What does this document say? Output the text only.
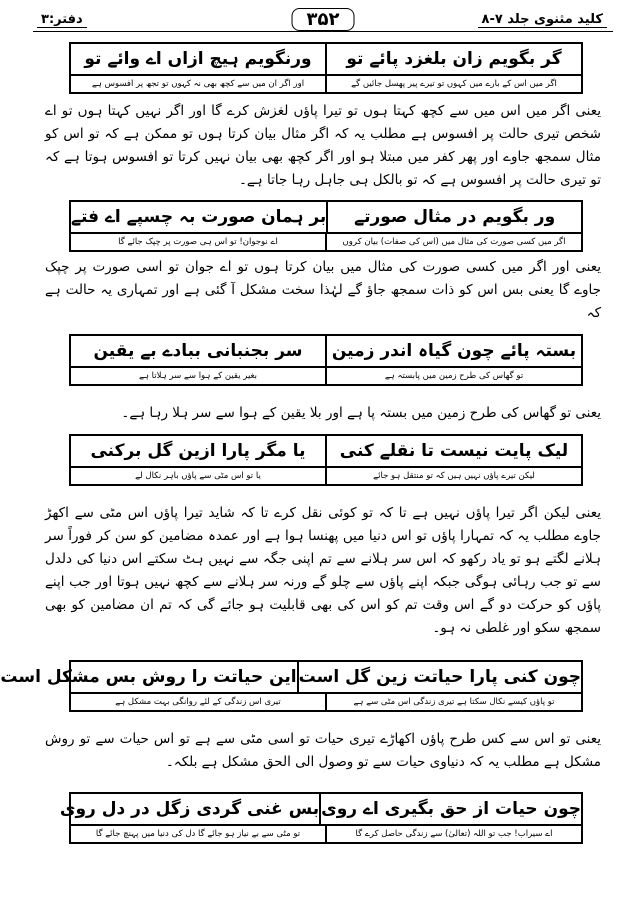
کلید مثنوی جلد ۷-۸
۳۵۲
دفتر:۳
گر بگویم زان بلغزد پائے تو
ورنگویم ہیچ ازاں اے وائے تو
اگر میں اس کے بارے میں کہوں تو تیرے پیر پھسل جائیں گے
اور اگر ان میں سے کچھ بھی نہ کہوں تو تجھ پر افسوس ہے

یعنی اگر میں اس میں سے کچھ کہتا ہوں تو تیرا پاؤں لغزش کرے گا اور اگر نہیں کہتا ہوں تو اے شخص تیری حالت پر افسوس ہے مطلب یہ کہ اگر مثال بیان کرتا ہوں تو ممکن ہے کہ تو اس کو مثال سمجھ جاوے اور پھر کفر میں مبتلا ہو اور اگر کچھ بھی بیان نہیں کرتا تو افسوس ہوتا ہے کہ تو تیری حالت پر افسوس ہے کہ تو بالکل ہی جاہل رہا جاتا ہے۔

ور بگویم در مثال صورتے
بر ہمان صورت بہ چسپے اے فتے
اگر میں کسی صورت کی مثال میں (اس کی صفات) بیان کروں
اے نوجوان! تو اس ہی صورت پر چپک جائے گا

یعنی اور اگر میں کسی صورت کی مثال میں بیان کرتا ہوں تو اے جوان تو اسی صورت پر چپک جاوے گا یعنی بس اس کو ذات سمجھ جاؤ گے لہٰذا سخت مشکل آ گئی ہے اور تمہاری یہ حالت ہے کہ

بستہ پائے چون گیاہ اندر زمین
سر بجنبانی ببادے بے یقین
تو گھاس کی طرح زمین میں پابستہ ہے
بغیر یقین کے ہوا سے سر ہلاتا ہے

یعنی تو گھاس کی طرح زمین میں بستہ پا ہے اور بلا یقین کے ہوا سے سر ہلا رہا ہے۔

لیک پایت نیست تا نقلے کنی
یا مگر پارا ازین گل برکنی
لیکن تیرے پاؤں نہیں ہیں کہ تو منتقل ہو جائے
یا تو اس مٹی سے پاؤں باہر نکال لے

یعنی لیکن اگر تیرا پاؤں نہیں ہے تا کہ تو کوئی نقل کرے تا کہ شاید تیرا پاؤں اس مٹی سے اکھڑ جاوے مطلب یہ کہ تمہارا پاؤں تو اس دنیا میں پھنسا ہوا ہے اور عمدہ مضامین کو سن کر فوراً سر ہلانے لگتے ہو تو یاد رکھو کہ اس سر ہلانے سے تم اپنی جگہ سے نہیں ہٹ سکتے اس دنیا کی دلدل سے تو جب رہائی ہوگی جبکہ اپنے پاؤں سے چلو گے ورنہ سر ہلانے سے کچھ نہیں ہوتا اور جب اپنے پاؤں کو حرکت دو گے اس وقت تم کو اس کی بھی قابلیت ہو جائے گی کہ تم ان مضامین کو بھی سمجھ سکو اور غلطی نہ ہو۔

چون کنی پارا حیاتت زین گل است
این حیاتت را روش بس مشکل است
تو پاؤں کیسے نکال سکتا ہے تیری زندگی اس مٹی سے ہے
تیری اس زندگی کے لئے روانگی بہت مشکل ہے

یعنی تو اس سے کس طرح پاؤں اکھاڑے تیری حیات تو اسی مٹی سے ہے تو اس حیات سے تو روش مشکل ہے مطلب یہ کہ دنیاوی حیات سے تو وصول الی الحق مشکل ہے بلکہ۔

چون حیات از حق بگیری اے روی
بس غنی گردی زگل در دل روی
اے سیراب! جب تو اللہ (تعالیٰ) سے زندگی حاصل کرے گا
تو مٹی سے بے نیاز ہو جائے گا دل کی دنیا میں پہنچ جائے گا
